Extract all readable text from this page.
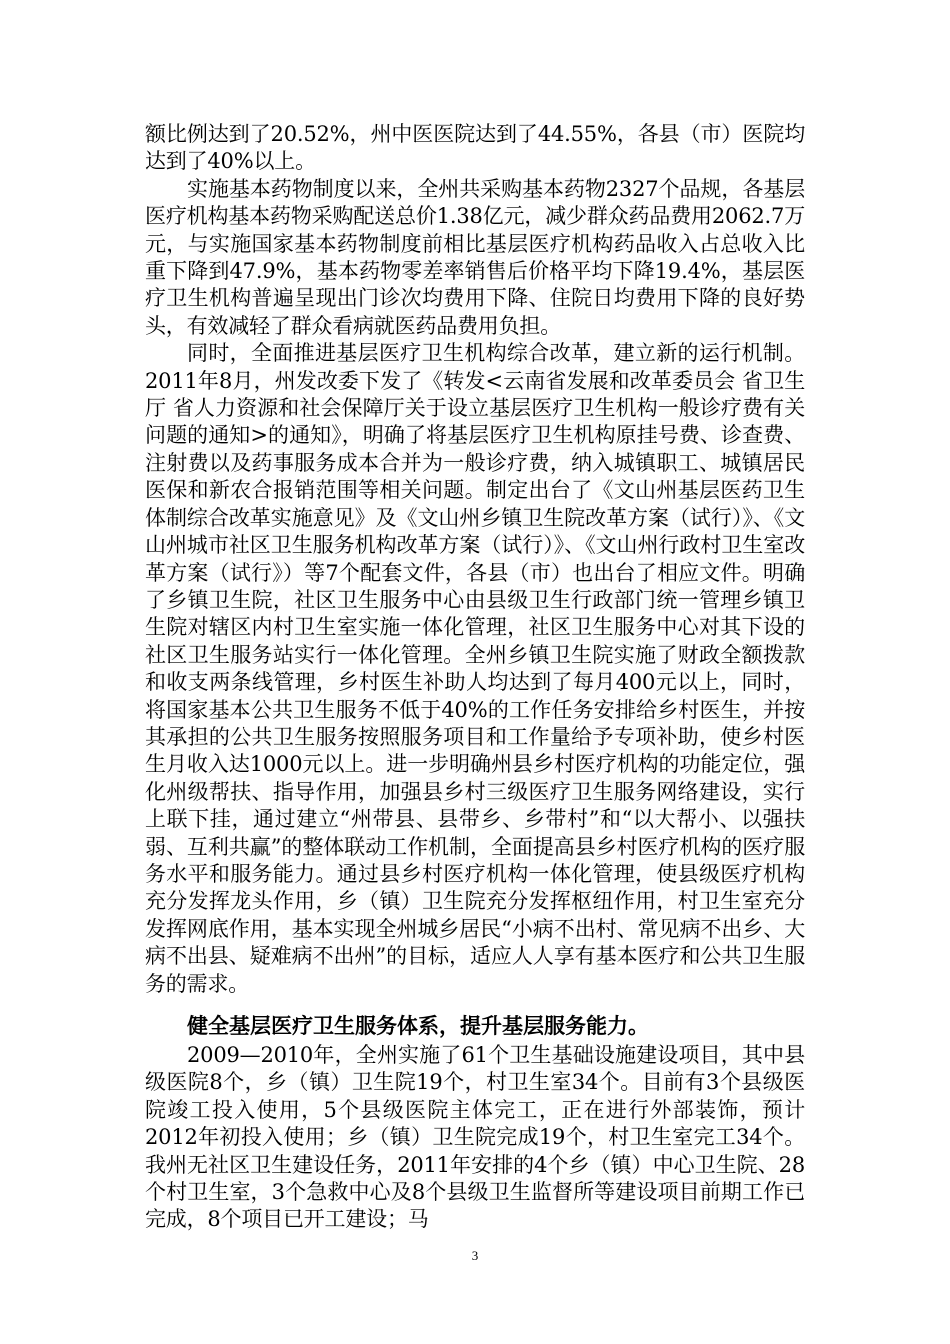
额比例达到了20.52%，州中医医院达到了44.55%，各县（市）医院均达到了40%以上。

实施基本药物制度以来，全州共采购基本药物2327个品规，各基层医疗机构基本药物采购配送总价1.38亿元，减少群众药品费用2062.7万元，与实施国家基本药物制度前相比基层医疗机构药品收入占总收入比重下降到47.9%，基本药物零差率销售后价格平均下降19.4%，基层医疗卫生机构普遍呈现出门诊次均费用下降、住院日均费用下降的良好势头，有效减轻了群众看病就医药品费用负担。

同时，全面推进基层医疗卫生机构综合改革，建立新的运行机制。2011年8月，州发改委下发了《转发<云南省发展和改革委员会 省卫生厅 省人力资源和社会保障厅关于设立基层医疗卫生机构一般诊疗费有关问题的通知>的通知》，明确了将基层医疗卫生机构原挂号费、诊查费、注射费以及药事服务成本合并为一般诊疗费，纳入城镇职工、城镇居民医保和新农合报销范围等相关问题。制定出台了《文山州基层医药卫生体制综合改革实施意见》及《文山州乡镇卫生院改革方案（试行）》、《文山州城市社区卫生服务机构改革方案（试行）》、《文山州行政村卫生室改革方案（试行》）等7个配套文件，各县（市）也出台了相应文件。明确了乡镇卫生院，社区卫生服务中心由县级卫生行政部门统一管理乡镇卫生院对辖区内村卫生室实施一体化管理，社区卫生服务中心对其下设的社区卫生服务站实行一体化管理。全州乡镇卫生院实施了财政全额拨款和收支两条线管理，乡村医生补助人均达到了每月400元以上，同时，将国家基本公共卫生服务不低于40%的工作任务安排给乡村医生，并按其承担的公共卫生服务按照服务项目和工作量给予专项补助，使乡村医生月收入达1000元以上。进一步明确州县乡村医疗机构的功能定位，强化州级帮扶、指导作用，加强县乡村三级医疗卫生服务网络建设，实行上联下挂，通过建立“州带县、县带乡、乡带村”和“以大帮小、以强扶弱、互利共赢”的整体联动工作机制，全面提高县乡村医疗机构的医疗服务水平和服务能力。通过县乡村医疗机构一体化管理，使县级医疗机构充分发挥龙头作用，乡（镇）卫生院充分发挥枢纽作用，村卫生室充分发挥网底作用，基本实现全州城乡居民“小病不出村、常见病不出乡、大病不出县、疑难病不出州”的目标，适应人人享有基本医疗和公共卫生服务的需求。

健全基层医疗卫生服务体系，提升基层服务能力。

2009—2010年，全州实施了61个卫生基础设施建设项目，其中县级医院8个，乡（镇）卫生院19个，村卫生室34个。目前有3个县级医院竣工投入使用，5个县级医院主体完工，正在进行外部装饰，预计2012年初投入使用；乡（镇）卫生院完成19个，村卫生室完工34个。我州无社区卫生建设任务，2011年安排的4个乡（镇）中心卫生院、28个村卫生室，3个急救中心及8个县级卫生监督所等建设项目前期工作已完成，8个项目已开工建设；马

3
